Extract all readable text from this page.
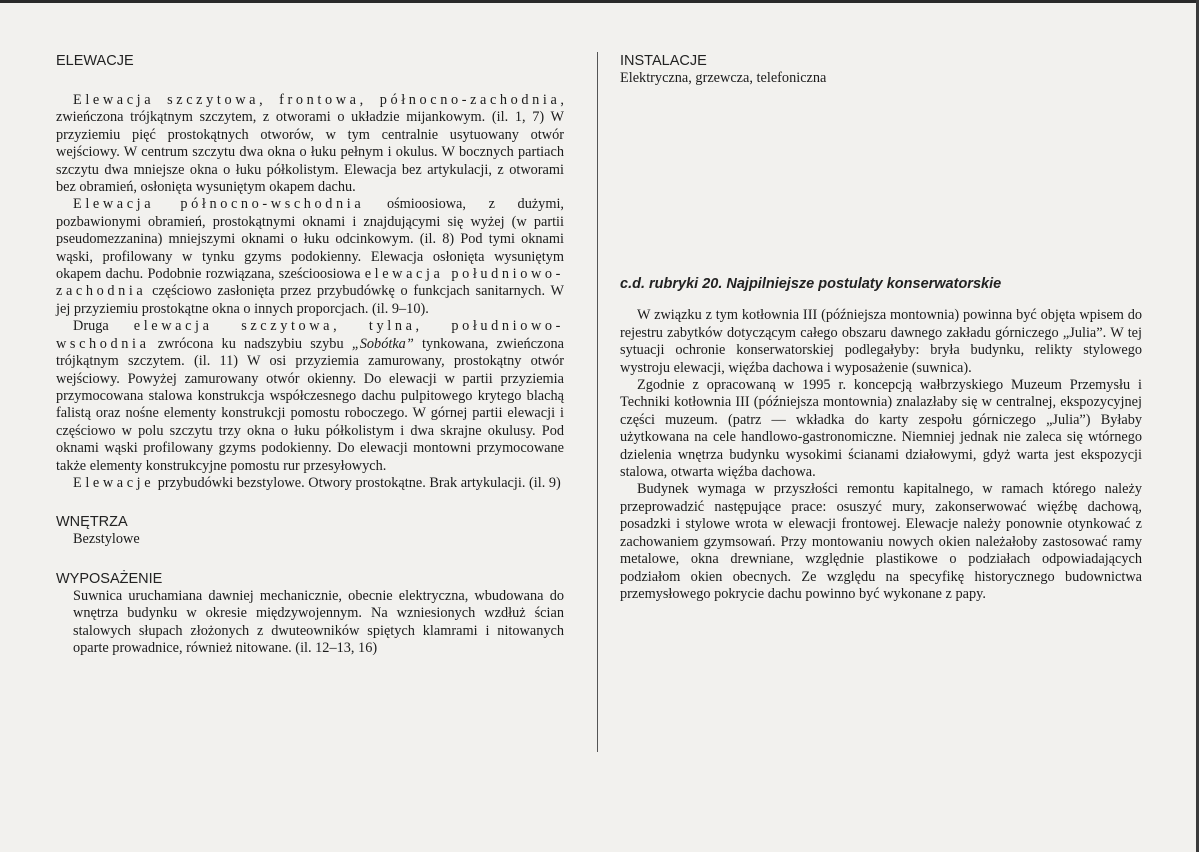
ELEWACJE

Elewacja szczytowa, frontowa, północno-zachodnia, zwieńczona trójkątnym szczytem, z otworami o układzie mijankowym. (il. 1, 7) W przyziemiu pięć prostokątnych otworów, w tym centralnie usytuowany otwór wejściowy. W centrum szczytu dwa okna o łuku pełnym i okulus. W bocznych partiach szczytu dwa mniejsze okna o łuku półkolistym. Elewacja bez artykulacji, z otworami bez obramień, osłonięta wysuniętym okapem dachu.

Elewacja północno-wschodnia ośmioosiowa, z dużymi, pozbawionymi obramień, prostokątnymi oknami i znajdującymi się wyżej (w partii pseudomezzanina) mniejszymi oknami o łuku odcinkowym. (il. 8) Pod tymi oknami wąski, profilowany w tynku gzyms podokienny. Elewacja osłonięta wysuniętym okapem dachu. Podobnie rozwiązana, sześcioosiowa elewacja południowo-zachodnia częściowo zasłonięta przez przybudówkę o funkcjach sanitarnych. W jej przyziemiu prostokątne okna o innych proporcjach. (il. 9–10).

Druga elewacja szczytowa, tylna, południowo-wschodnia zwrócona ku nadszybiu szybu „Sobótka” tynkowana, zwieńczona trójkątnym szczytem. (il. 11) W osi przyziemia zamurowany, prostokątny otwór wejściowy. Powyżej zamurowany otwór okienny. Do elewacji w partii przyziemia przymocowana stalowa konstrukcja współczesnego dachu pulpitowego krytego blachą falistą oraz nośne elementy konstrukcji pomostu roboczego. W górnej partii elewacji i częściowo w polu szczytu trzy okna o łuku półkolistym i dwa skrajne okulusy. Pod oknami wąski profilowany gzyms podokienny. Do elewacji montowni przymocowane także elementy konstrukcyjne pomostu rur przesyłowych.

Elewacje przybudówki bezstylowe. Otwory prostokątne. Brak artykulacji. (il. 9)

WNĘTRZA

Bezstylowe

WYPOSAŻENIE

Suwnica uruchamiana dawniej mechanicznie, obecnie elektryczna, wbudowana do wnętrza budynku w okresie międzywojennym. Na wzniesionych wzdłuż ścian stalowych słupach złożonych z dwuteowników spiętych klamrami i nitowanych oparte prowadnice, również nitowane. (il. 12–13, 16)

INSTALACJE

Elektryczna, grzewcza, telefoniczna

c.d. rubryki 20. Najpilniejsze postulaty konserwatorskie

W związku z tym kotłownia III (późniejsza montownia) powinna być objęta wpisem do rejestru zabytków dotyczącym całego obszaru dawnego zakładu górniczego „Julia”. W tej sytuacji ochronie konserwatorskiej podlegałyby: bryła budynku, relikty stylowego wystroju elewacji, więźba dachowa i wyposażenie (suwnica).

Zgodnie z opracowaną w 1995 r. koncepcją wałbrzyskiego Muzeum Przemysłu i Techniki kotłownia III (późniejsza montownia) znalazłaby się w centralnej, ekspozycyjnej części muzeum. (patrz — wkładka do karty zespołu górniczego „Julia”) Byłaby użytkowana na cele handlowo-gastronomiczne. Niemniej jednak nie zaleca się wtórnego dzielenia wnętrza budynku wysokimi ścianami działowymi, gdyż warta jest ekspozycji stalowa, otwarta więźba dachowa.

Budynek wymaga w przyszłości remontu kapitalnego, w ramach którego należy przeprowadzić następujące prace: osuszyć mury, zakonserwować więźbę dachową, posadzki i stylowe wrota w elewacji frontowej. Elewacje należy ponownie otynkować z zachowaniem gzymsowań. Przy montowaniu nowych okien należałoby zastosować ramy metalowe, okna drewniane, względnie plastikowe o podziałach odpowiadających podziałom okien obecnych. Ze względu na specyfikę historycznego budownictwa przemysłowego pokrycie dachu powinno być wykonane z papy.
